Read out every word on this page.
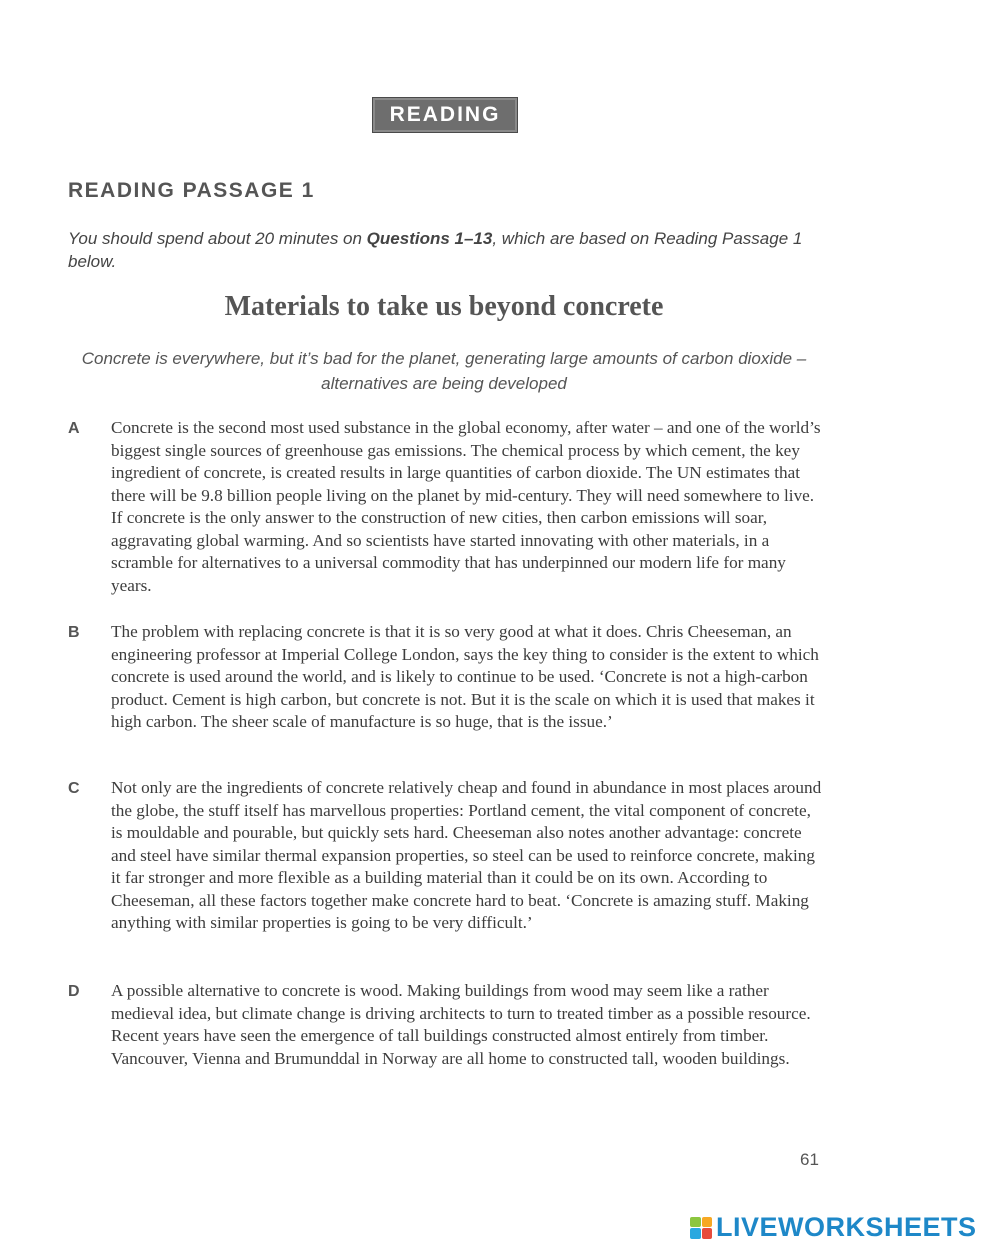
READING
READING PASSAGE 1
You should spend about 20 minutes on Questions 1–13, which are based on Reading Passage 1 below.
Materials to take us beyond concrete
Concrete is everywhere, but it’s bad for the planet, generating large amounts of carbon dioxide – alternatives are being developed
A Concrete is the second most used substance in the global economy, after water – and one of the world’s biggest single sources of greenhouse gas emissions. The chemical process by which cement, the key ingredient of concrete, is created results in large quantities of carbon dioxide. The UN estimates that there will be 9.8 billion people living on the planet by mid-century. They will need somewhere to live. If concrete is the only answer to the construction of new cities, then carbon emissions will soar, aggravating global warming. And so scientists have started innovating with other materials, in a scramble for alternatives to a universal commodity that has underpinned our modern life for many years.
B The problem with replacing concrete is that it is so very good at what it does. Chris Cheeseman, an engineering professor at Imperial College London, says the key thing to consider is the extent to which concrete is used around the world, and is likely to continue to be used. ‘Concrete is not a high-carbon product. Cement is high carbon, but concrete is not. But it is the scale on which it is used that makes it high carbon. The sheer scale of manufacture is so huge, that is the issue.’
C Not only are the ingredients of concrete relatively cheap and found in abundance in most places around the globe, the stuff itself has marvellous properties: Portland cement, the vital component of concrete, is mouldable and pourable, but quickly sets hard. Cheeseman also notes another advantage: concrete and steel have similar thermal expansion properties, so steel can be used to reinforce concrete, making it far stronger and more flexible as a building material than it could be on its own. According to Cheeseman, all these factors together make concrete hard to beat. ‘Concrete is amazing stuff. Making anything with similar properties is going to be very difficult.’
D A possible alternative to concrete is wood. Making buildings from wood may seem like a rather medieval idea, but climate change is driving architects to turn to treated timber as a possible resource. Recent years have seen the emergence of tall buildings constructed almost entirely from timber. Vancouver, Vienna and Brumunddal in Norway are all home to constructed tall, wooden buildings.
61
LIVEWORKSHEETS
